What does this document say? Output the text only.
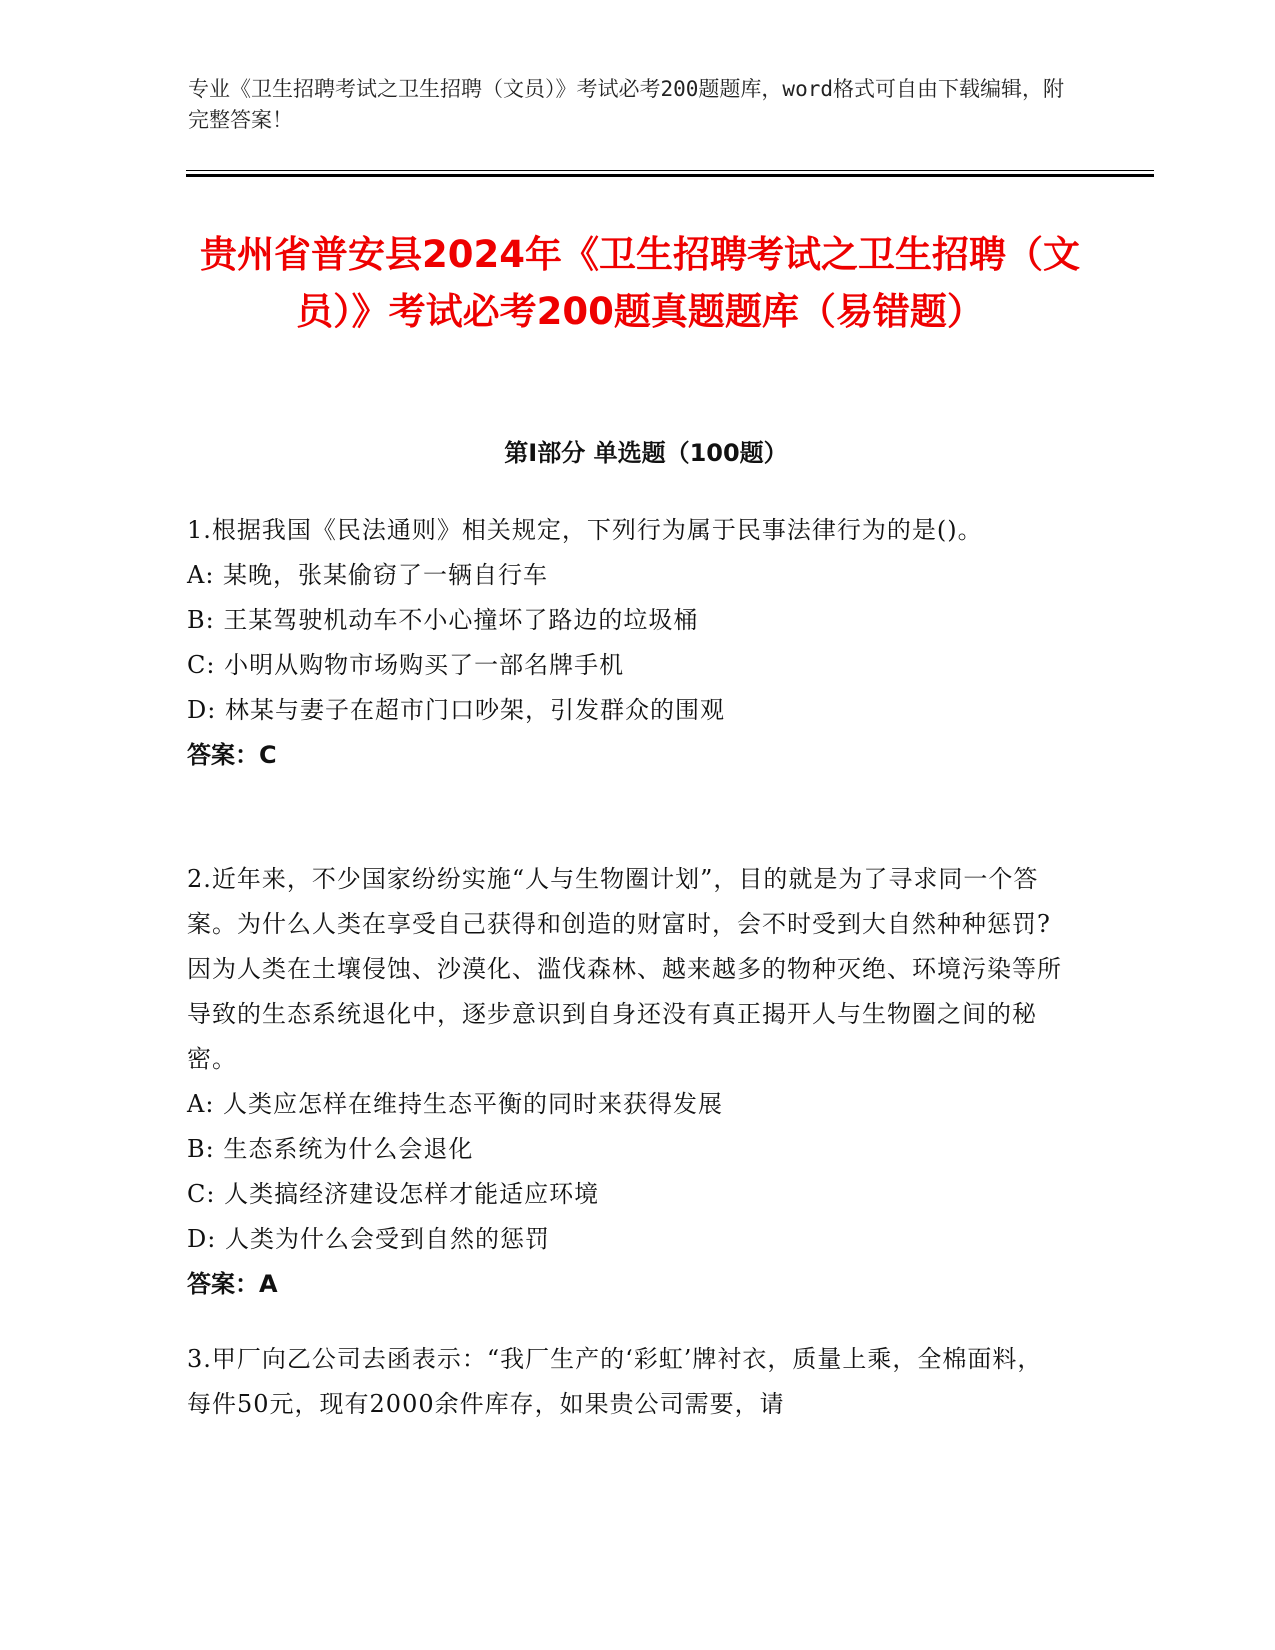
专业《卫生招聘考试之卫生招聘（文员）》考试必考200题题库，word格式可自由下载编辑，附完整答案！
贵州省普安县2024年《卫生招聘考试之卫生招聘（文员）》考试必考200题真题题库（易错题）
第I部分 单选题（100题）
1.根据我国《民法通则》相关规定，下列行为属于民事法律行为的是()。
A: 某晚，张某偷窃了一辆自行车
B: 王某驾驶机动车不小心撞坏了路边的垃圾桶
C: 小明从购物市场购买了一部名牌手机
D: 林某与妻子在超市门口吵架，引发群众的围观
答案：C
2.近年来，不少国家纷纷实施“人与生物圈计划”，目的就是为了寻求同一个答案。为什么人类在享受自己获得和创造的财富时，会不时受到大自然种种惩罚?因为人类在土壤侵蚀、沙漠化、滥伐森林、越来越多的物种灭绝、环境污染等所导致的生态系统退化中，逐步意识到自身还没有真正揭开人与生物圈之间的秘密。
A: 人类应怎样在维持生态平衡的同时来获得发展
B: 生态系统为什么会退化
C: 人类搞经济建设怎样才能适应环境
D: 人类为什么会受到自然的惩罚
答案：A
3.甲厂向乙公司去函表示：“我厂生产的‘彩虹’牌衬衣，质量上乘，全棉面料，每件50元，现有2000余件库存，如果贵公司需要，请
